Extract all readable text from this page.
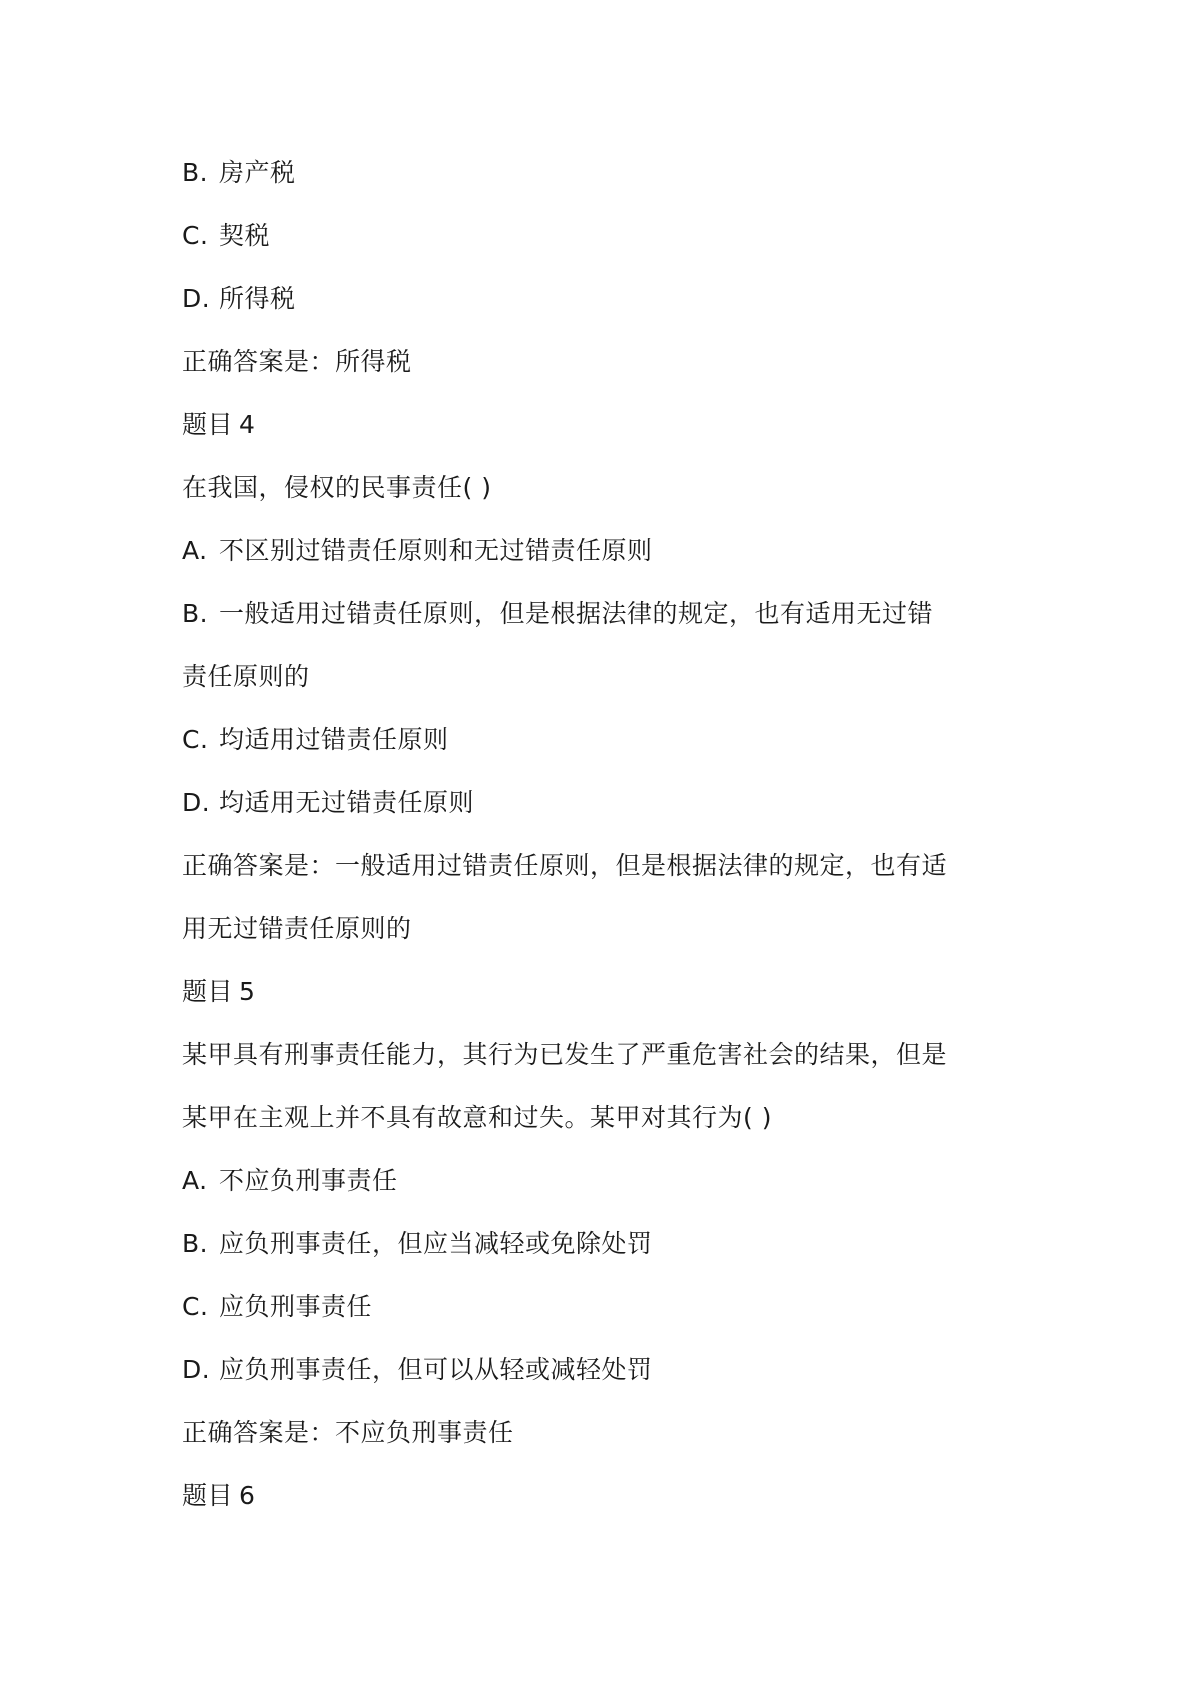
B. 房产税
C. 契税
D. 所得税
正确答案是：所得税
题目 4
在我国，侵权的民事责任( )
A. 不区别过错责任原则和无过错责任原则
B. 一般适用过错责任原则，但是根据法律的规定，也有适用无过错
责任原则的
C. 均适用过错责任原则
D. 均适用无过错责任原则
正确答案是：一般适用过错责任原则，但是根据法律的规定，也有适
用无过错责任原则的
题目 5
某甲具有刑事责任能力，其行为已发生了严重危害社会的结果，但是
某甲在主观上并不具有故意和过失。某甲对其行为( )
A. 不应负刑事责任
B. 应负刑事责任，但应当减轻或免除处罚
C. 应负刑事责任
D. 应负刑事责任，但可以从轻或减轻处罚
正确答案是：不应负刑事责任
题目 6
